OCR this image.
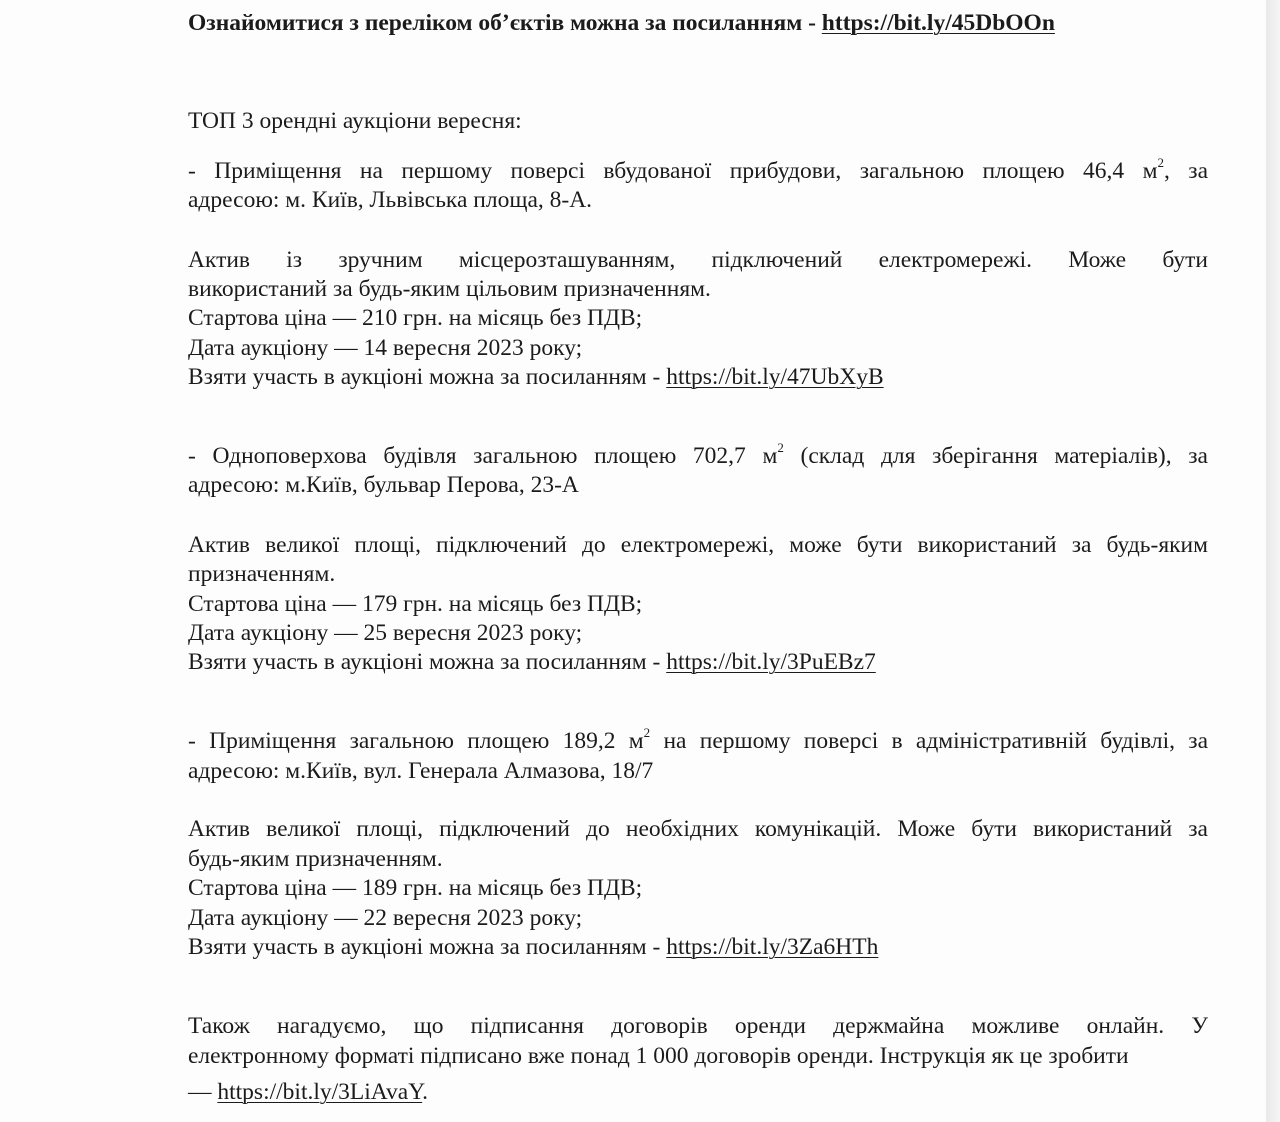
Ознайомитися з переліком об’єктів можна за посиланням - https://bit.ly/45DbOOn
ТОП 3 орендні аукціони вересня:
- Приміщення на першому поверсі вбудованої прибудови, загальною площею 46,4 $м^2$, за
адресою: м. Київ, Львівська площа, 8-А.
Актив із зручним місцерозташуванням, підключений електромережі. Може бути
використаний за будь-яким цільовим призначенням.
Стартова ціна — 210 грн. на місяць без ПДВ;
Дата аукціону — 14 вересня 2023 року;
Взяти участь в аукціоні можна за посиланням - https://bit.ly/47UbXyB
- Одноповерхова будівля загальною площею 702,7 $м^2$ (склад для зберігання матеріалів), за
адресою: м.Київ, бульвар Перова, 23-А
Актив великої площі, підключений до електромережі, може бути використаний за будь-яким
призначенням.
Стартова ціна — 179 грн. на місяць без ПДВ;
Дата аукціону — 25 вересня 2023 року;
Взяти участь в аукціоні можна за посиланням - https://bit.ly/3PuEBz7
- Приміщення загальною площею 189,2 $м^2$ на першому поверсі в адміністративній будівлі, за
адресою: м.Київ, вул. Генерала Алмазова, 18/7
Актив великої площі, підключений до необхідних комунікацій. Може бути використаний за
будь-яким призначенням.
Стартова ціна — 189 грн. на місяць без ПДВ;
Дата аукціону — 22 вересня 2023 року;
Взяти участь в аукціоні можна за посиланням - https://bit.ly/3Za6HTh
Також нагадуємо, що підписання договорів оренди держмайна можливе онлайн. У
електронному форматі підписано вже понад 1 000 договорів оренди. Інструкція як це зробити
— https://bit.ly/3LiAvaY.
